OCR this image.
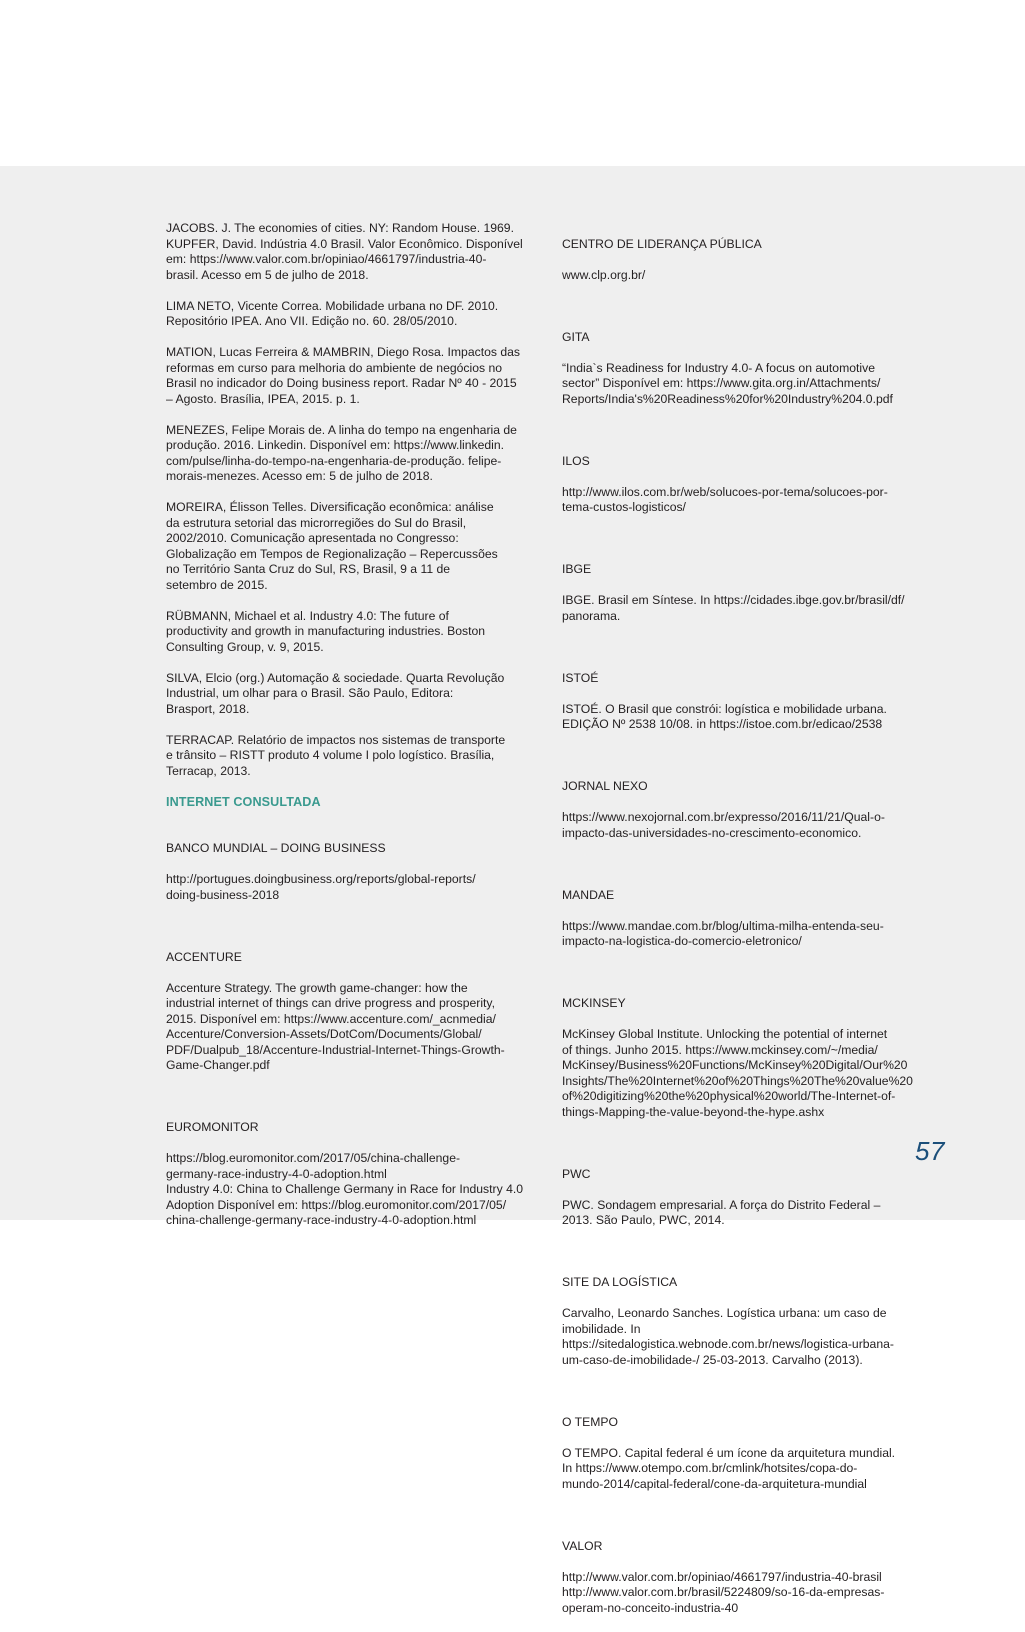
JACOBS. J. The economies of cities. NY: Random House. 1969.
KUPFER, David. Indústria 4.0 Brasil. Valor Econômico. Disponível
em: https://www.valor.com.br/opiniao/4661797/industria-40-
brasil. Acesso em 5 de julho de 2018.

LIMA NETO, Vicente Correa. Mobilidade urbana no DF. 2010.
Repositório IPEA. Ano VII. Edição no. 60. 28/05/2010.

MATION, Lucas Ferreira & MAMBRIN, Diego Rosa. Impactos das
reformas em curso para melhoria do ambiente de negócios no
Brasil no indicador do Doing business report. Radar Nº 40 - 2015
– Agosto. Brasília, IPEA, 2015. p. 1.

MENEZES, Felipe Morais de. A linha do tempo na engenharia de
produção. 2016. Linkedin. Disponível em: https://www.linkedin.
com/pulse/linha-do-tempo-na-engenharia-de-produção. felipe-
morais-menezes. Acesso em: 5 de julho de 2018.

MOREIRA, Élisson Telles. Diversificação econômica: análise
da estrutura setorial das microrregiões do Sul do Brasil,
2002/2010. Comunicação apresentada no Congresso:
Globalização em Tempos de Regionalização – Repercussões
no Território Santa Cruz do Sul, RS, Brasil, 9 a 11 de
setembro de 2015.

RÜBMANN, Michael et al. Industry 4.0: The future of
productivity and growth in manufacturing industries. Boston
Consulting Group, v. 9, 2015.

SILVA, Elcio (org.) Automação & sociedade. Quarta Revolução
Industrial, um olhar para o Brasil. São Paulo, Editora:
Brasport, 2018.

TERRACAP. Relatório de impactos nos sistemas de transporte
e trânsito – RISTT produto 4 volume I polo logístico. Brasília,
Terracap, 2013.

INTERNET CONSULTADA

BANCO MUNDIAL – DOING BUSINESS

http://portugues.doingbusiness.org/reports/global-reports/
doing-business-2018

ACCENTURE

Accenture Strategy. The growth game-changer: how the
industrial internet of things can drive progress and prosperity,
2015. Disponível em: https://www.accenture.com/_acnmedia/
Accenture/Conversion-Assets/DotCom/Documents/Global/
PDF/Dualpub_18/Accenture-Industrial-Internet-Things-Growth-
Game-Changer.pdf

EUROMONITOR

https://blog.euromonitor.com/2017/05/china-challenge-
germany-race-industry-4-0-adoption.html
Industry 4.0: China to Challenge Germany in Race for Industry 4.0
Adoption Disponível em: https://blog.euromonitor.com/2017/05/
china-challenge-germany-race-industry-4-0-adoption.html

CENTRO DE LIDERANÇA PÚBLICA

www.clp.org.br/

GITA

“India`s Readiness for Industry 4.0- A focus on automotive
sector” Disponível em: https://www.gita.org.in/Attachments/
Reports/India's%20Readiness%20for%20Industry%204.0.pdf

ILOS

http://www.ilos.com.br/web/solucoes-por-tema/solucoes-por-
tema-custos-logisticos/

IBGE

IBGE. Brasil em Síntese. In https://cidades.ibge.gov.br/brasil/df/
panorama.

ISTOÉ

ISTOÉ. O Brasil que constrói: logística e mobilidade urbana.
EDIÇÃO Nº 2538 10/08. in https://istoe.com.br/edicao/2538

JORNAL NEXO

https://www.nexojornal.com.br/expresso/2016/11/21/Qual-o-
impacto-das-universidades-no-crescimento-economico.

MANDAE

https://www.mandae.com.br/blog/ultima-milha-entenda-seu-
impacto-na-logistica-do-comercio-eletronico/

MCKINSEY

McKinsey Global Institute. Unlocking the potential of internet
of things. Junho 2015. https://www.mckinsey.com/~/media/
McKinsey/Business%20Functions/McKinsey%20Digital/Our%20
Insights/The%20Internet%20of%20Things%20The%20value%20
of%20digitizing%20the%20physical%20world/The-Internet-of-
things-Mapping-the-value-beyond-the-hype.ashx

PWC

PWC. Sondagem empresarial. A força do Distrito Federal –
2013. São Paulo, PWC, 2014.

SITE DA LOGÍSTICA

Carvalho, Leonardo Sanches. Logística urbana: um caso de
imobilidade. In
https://sitedalogistica.webnode.com.br/news/logistica-urbana-
um-caso-de-imobilidade-/ 25-03-2013. Carvalho (2013).

O TEMPO

O TEMPO. Capital federal é um ícone da arquitetura mundial.
In https://www.otempo.com.br/cmlink/hotsites/copa-do-
mundo-2014/capital-federal/cone-da-arquitetura-mundial

VALOR

http://www.valor.com.br/opiniao/4661797/industria-40-brasil
http://www.valor.com.br/brasil/5224809/so-16-da-empresas-
operam-no-conceito-industria-40

57
